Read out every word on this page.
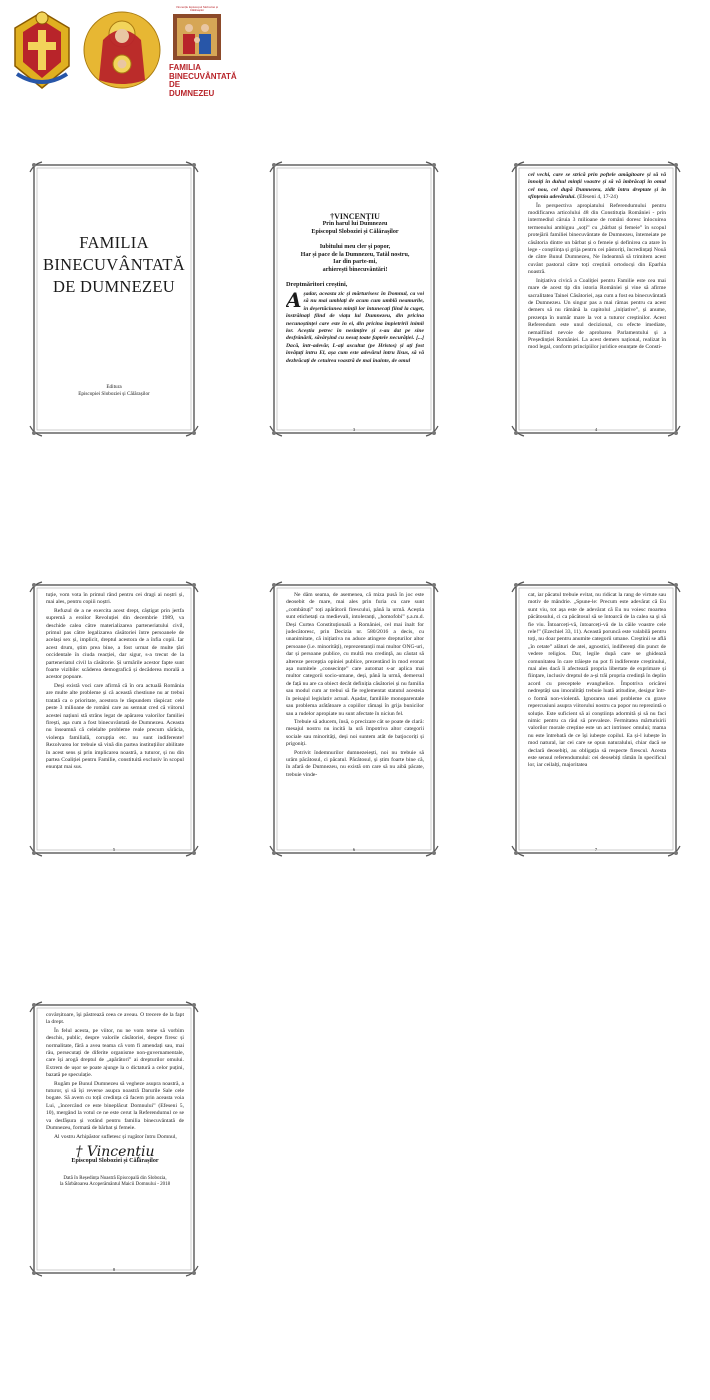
Vincențiu Episcopul Sloboziei și Călărașilor
FAMILIA BINECUVÂNTATĂ DE DUMNEZEU
FAMILIA
BINECUVÂNTATĂ
DE DUMNEZEU
Editura
Episcopiei Sloboziei și Călărașilor
†VINCENȚIU
Prin harul lui Dumnezeu
Episcopul Sloboziei și Călărașilor
Iubitului meu cler și popor,
Har și pace de la Dumnezeu, Tatăl nostru,
Iar din parte-mi,
arhierești binecuvântări!
Dreptmăritori creștini,
Așadar, aceasta zic și mărturisesc în Domnul, ca voi să nu mai umblați de acum cum umblă neamurile, în deșertăciunea minții lor întunecați fiind la cuget, înstrăinați fiind de viața lui Dumnezeu, din pricina necunoștinței care este în ei, din pricina împietririi inimii lor. Aceștia petrec în nesimțire și s-au dat pe sine desfrânării, săvârșind cu nesaț toate faptele necurăției. [...] Dacă, într-adevăr, L-ați ascultat (pe Hristos) și ați fost învățați întru El, așa cum este adevărul întru Iisus, să vă dezbrăcați de cetuirea voastră de mai înainte, de omul
3

cel vechi, care se strică prin poftele amăgitoare și să vă înnoiți în duhul minții voastre și să vă îmbrăcați în omul cel nou, cel după Dumnezeu, zidit întru dreptate și în sfințenia adevărului. (Efeseni 4, 17-24)

În perspectiva apropiatului Referendumului pentru modificarea articolului 48 din Constituția României - prin intermediul căruia 3 milioane de români doresc înlocuirea termenului ambiguu „soți” cu „bărbat și femeie” în scopul protejării familiei binecuvântate de Dumnezeu, întemeiate pe căsătoria dintre un bărbat și o femeie și definirea ca atare în lege - conștiința și grija pentru cei păstoriți, încredințați Nouă de către Bunul Dumnezeu, Ne îndeamnă să trimitem acest cuvânt pastoral către toți creștinii ortodocși din Eparhia noastră.

Inițiativa civică a Coaliției pentru Familie este cea mai mare de acest tip din istoria României și vine să afirme sacralitatea Tainei Căsătoriei, așa cum a fost ea binecuvântată de Dumnezeu. Un singur pas a mai rămas pentru ca acest demers să nu rămână la capitolul „inițiative”, și anume, prezența în număr mare la vot a tuturor creștinilor. Acest Referendum este unul decizional, cu efecte imediate, nemaifiind nevoie de aprobarea Parlamentului și a Președinției României. La acest demers național, realizat în mod legal, conform principiilor juridice enunțate de Consti-

4

tuție, vom vota în primul rând pentru cei dragi ai noștri și, mai ales, pentru copiii noștri.

Refuzul de a ne exercita acest drept, câștigat prin jertfa supremă a eroilor Revoluției din decembrie 1989, va deschide calea către materializarea parteneriatului civil, primul pas către legalizarea căsătoriei între persoanele de același sex și, implicit, dreptul acestora de a înfia copii. Iar acest drum, știm prea bine, a fost urmat de multe țări occidentale în ciuda reacției, dar sigur, s-a trecut de la parteneriatul civil la căsătorie. Și urmările acestor fapte sunt foarte vizibile: scăderea demografică și decăderea morală a acestor popoare.

Deși există voci care afirmă că în ora actuală România are multe alte probleme și că această chestiune nu ar trebui tratată ca o prioritate, acestora le răspundem răspicat: cele peste 3 milioane de români care au semnat cred că viitorul acestei națiuni stă strâns legat de apărarea valorilor familiei firești, așa cum a fost binecuvântată de Dumnezeu. Aceasta nu înseamnă că celelalte probleme reale precum sărăcia, violența familială, corupția etc. nu sunt indiferente! Rezolvarea lor trebuie să vină din partea instituțiilor abilitate în acest sens și prin implicarea noastră, a tuturor, și nu din partea Coaliției pentru Familie, constituită exclusiv în scopul enunțat mai sus.

5

Ne dăm seama, de asemenea, că miza pusă în joc este deosebit de mare, mai ales prin furia cu care sunt „combătuți” toți apărătorii firescului, până la urmă. Aceștia sunt etichetați ca medievali, intoleranți, „homofobi” ș.a.m.d. Deși Curtea Constituțională a României, cel mai înalt for judecătoresc, prin Decizia nr. 580/2016 a decis, cu unanimitate, că inițiativa nu aduce atingere drepturilor altor persoane (i.e. minorități), reprezentanții mai multor ONG-uri, dar și persoane publice, cu multă rea credință, au căutat să altereze percepția opiniei publice, prezentând în mod eronat așa numitele „consecințe” care automat s-ar aplica mai multor categorii socio-umane, deși, până la urmă, demersul de față nu are ca obiect decât definiția căsătoriei și nu familia sau modul cum ar trebui să fie reglementat statutul acesteia în peisajul legislativ actual. Așadar, familiile monoparentale sau problema arătătoare a copiilor rămași în grija bunicilor sau a rudelor apropiate nu sunt afectate în niciun fel.

Trebuie să aducem, însă, o precizare cât se poate de clară: mesajul nostru nu incită la ură împotriva altor categorii sociale sau minorități, deși noi suntem atât de batjocoriți și prigoniți.

Potrivit îndemnurilor dumnezeiești, noi nu trebuie să urâm păcătosul, ci păcatul. Păcătosul, și știm foarte bine că, în afară de Dumnezeu, nu există om care să nu aibă păcate, trebuie vinde-

6

cat, iar păcatul trebuie evitat, nu ridicat la rang de virtute sau motiv de mândrie. „Spune-le: Precum este adevărat că Eu sunt viu, tot așa este de adevărat că Eu nu voiesc moartea păcătosului, ci ca păcătosul să se întoarcă de la calea sa și să fie viu. Întoarceți-vă, întoarceți-vă de la căile voastre cele rele!” (Ezechiel 33, 11). Această poruncă este valabilă pentru toți, nu doar pentru anumite categorii umane. Creștinii se află „în cetate” alături de atei, agnostici, indiferenți din punct de vedere religios. Dar, legile după care se ghidează comunitatea în care trăiește nu pot fi indiferente creștinului, mai ales dacă îi afectează propria libertate de exprimare și ființare, inclusiv dreptul de a-și trăi propria credință în deplin acord cu preceptele evanghelice. Împotrivа oricărei nedreptăți sau imoralități trebuie luată atitudine, desigur într-o formă non-violentă. Ignorarea unei probleme cu grave repercusiuni asupra viitorului nostru ca popor nu reprezintă o soluție. Este suficient să ai conștiința adormită și să nu faci nimic pentru ca răul să prevaleze. Fermitatea mărturisirii valorilor morale creștine este un act intrinsec omului; mama nu este întrebată de ce își iubește copilul. Ea și-l iubește în mod natural, iar cei care se opun naturalului, chiar dacă se declară deosebiți, au obligația să respecte firescul. Acesta este sensul referendumului: cei deosebiți rămân în specificul lor, iar ceilalți, majoritatea

7

covârșitoare, își păstrează ceea ce aveau. O trecere de la fapt la drept.

În felul acesta, pe viitor, nu ne vom teme să vorbim deschis, public, despre valorile căsătoriei, despre firesc și normalitate, fără a avea teama că vom fi amendați sau, mai rău, persecutați de diferite organisme non-guvernamentale, care își arogă dreptul de „apărători” ai drepturilor omului. Extrem de ușor se poate ajunge la o dictatură a celor puțini, bazată pe speculație.

Rugăm pe Bunul Dumnezeu să vegheze asupra noastră, a tuturor, și să își reverse asupra noastră Darurile Sale cele bogate. Să avem cu toții credința că facem prin aceasta voia Lui, „încercând ce este bineplăcut Domnului” (Efeseni 5, 10), mergând la votul ce ne este cerut la Referendumul ce se va desfășura și votând pentru familia binecuvântată de Dumnezeu, formată de bărbat și femeie.

Al vostru Arhipăstor sufletesc și rugător întru Domnul,

† Vincențiu
Episcopul Sloboziei și Călărașilor
Dată în Reședința Noastră Episcopală din Slobozia,
la Sărbătoarea Acoperământul Maicii Domnului - 2018
8
